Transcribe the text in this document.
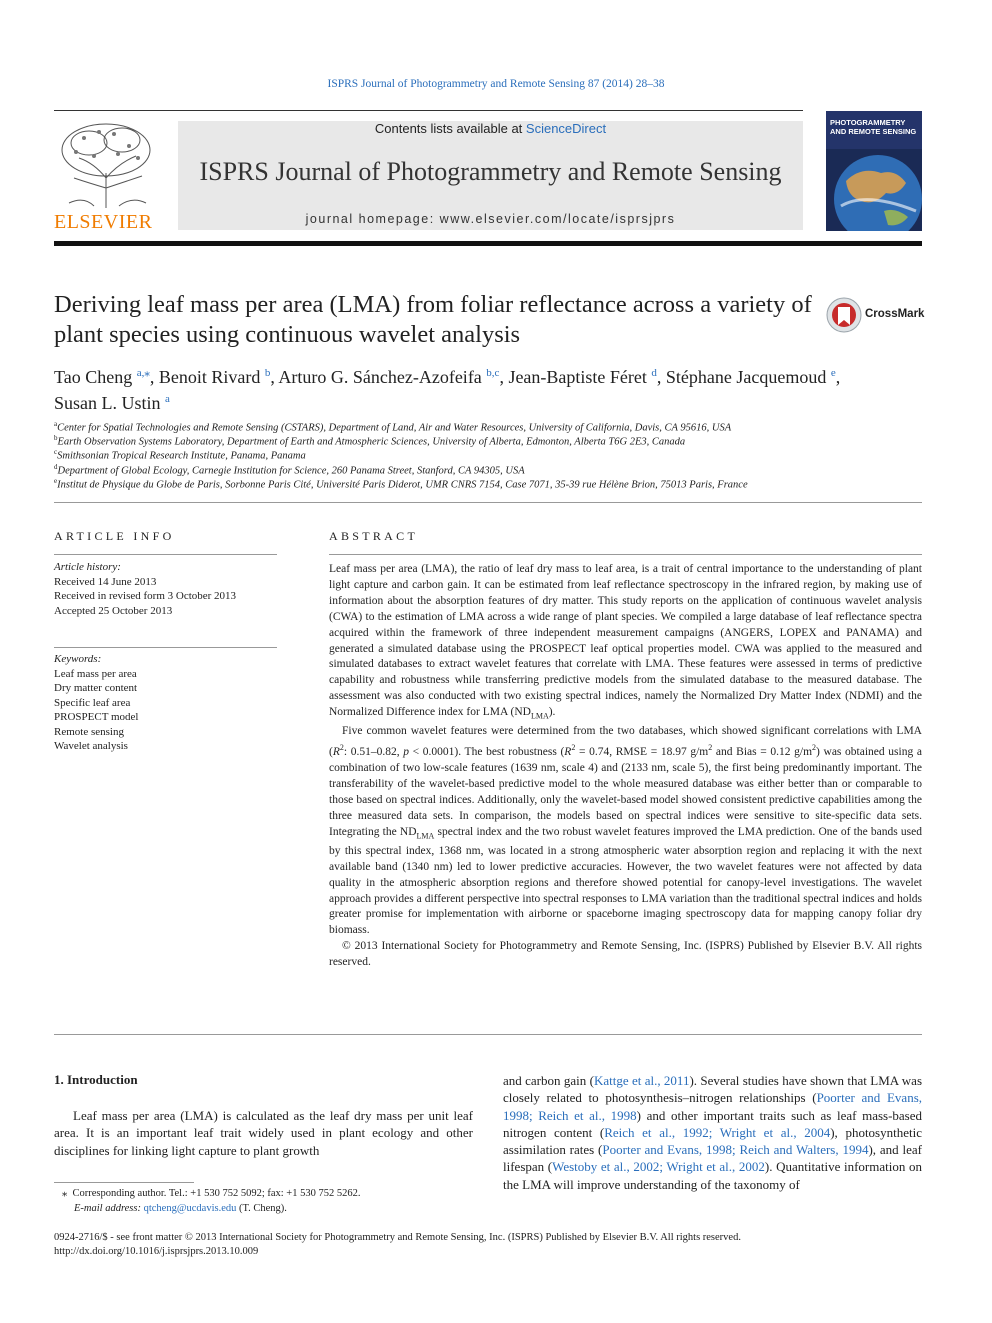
ISPRS Journal of Photogrammetry and Remote Sensing 87 (2014) 28–38
ELSEVIER
Contents lists available at ScienceDirect
ISPRS Journal of Photogrammetry and Remote Sensing
journal homepage: www.elsevier.com/locate/isprsjprs
PHOTOGRAMMETRY AND REMOTE SENSING
Deriving leaf mass per area (LMA) from foliar reflectance across a variety of plant species using continuous wavelet analysis
CrossMark
Tao Cheng $^{a,⁎}$, Benoit Rivard $^b$, Arturo G. Sánchez-Azofeifa $^{b,c}$, Jean-Baptiste Féret $^d$, Stéphane Jacquemoud $^e$,
Susan L. Ustin $^a$
$^a$Center for Spatial Technologies and Remote Sensing (CSTARS), Department of Land, Air and Water Resources, University of California, Davis, CA 95616, USA
$^b$Earth Observation Systems Laboratory, Department of Earth and Atmospheric Sciences, University of Alberta, Edmonton, Alberta T6G 2E3, Canada
$^c$Smithsonian Tropical Research Institute, Panama, Panama
$^d$Department of Global Ecology, Carnegie Institution for Science, 260 Panama Street, Stanford, CA 94305, USA
$^e$Institut de Physique du Globe de Paris, Sorbonne Paris Cité, Université Paris Diderot, UMR CNRS 7154, Case 7071, 35-39 rue Hélène Brion, 75013 Paris, France
ARTICLE INFO
Article history:
Received 14 June 2013
Received in revised form 3 October 2013
Accepted 25 October 2013
Keywords:
Leaf mass per area
Dry matter content
Specific leaf area
PROSPECT model
Remote sensing
Wavelet analysis
ABSTRACT

Leaf mass per area (LMA), the ratio of leaf dry mass to leaf area, is a trait of central importance to the understanding of plant light capture and carbon gain. It can be estimated from leaf reflectance spectroscopy in the infrared region, by making use of information about the absorption features of dry matter. This study reports on the application of continuous wavelet analysis (CWA) to the estimation of LMA across a wide range of plant species. We compiled a large database of leaf reflectance spectra acquired within the framework of three independent measurement campaigns (ANGERS, LOPEX and PANAMA) and generated a simulated database using the PROSPECT leaf optical properties model. CWA was applied to the measured and simulated databases to extract wavelet features that correlate with LMA. These features were assessed in terms of predictive capability and robustness while transferring predictive models from the simulated database to the measured database. The assessment was also conducted with two existing spectral indices, namely the Normalized Dry Matter Index (NDMI) and the Normalized Difference index for LMA $(ND_{LMA})$.

Five common wavelet features were determined from the two databases, which showed significant correlations with LMA ($R^2$: 0.51–0.82, p < 0.0001). The best robustness ($R^2 = 0.74$, RMSE = 18.97 $g/m^2$ and Bias = 0.12 $g/m^2$) was obtained using a combination of two low-scale features (1639 nm, scale 4) and (2133 nm, scale 5), the first being predominantly important. The transferability of the wavelet-based predictive model to the whole measured database was either better than or comparable to those based on spectral indices. Additionally, only the wavelet-based model showed consistent predictive capabilities among the three measured data sets. In comparison, the models based on spectral indices were sensitive to site-specific data sets. Integrating the $ND_{LMA}$ spectral index and the two robust wavelet features improved the LMA prediction. One of the bands used by this spectral index, 1368 nm, was located in a strong atmospheric water absorption region and replacing it with the next available band (1340 nm) led to lower predictive accuracies. However, the two wavelet features were not affected by data quality in the atmospheric absorption regions and therefore showed potential for canopy-level investigations. The wavelet approach provides a different perspective into spectral responses to LMA variation than the traditional spectral indices and holds greater promise for implementation with airborne or spaceborne imaging spectroscopy data for mapping canopy foliar dry biomass.

© 2013 International Society for Photogrammetry and Remote Sensing, Inc. (ISPRS) Published by Elsevier B.V. All rights reserved.

1. Introduction

Leaf mass per area (LMA) is calculated as the leaf dry mass per unit leaf area. It is an important leaf trait widely used in plant ecology and other disciplines for linking light capture to plant growth

and carbon gain (Kattge et al., 2011). Several studies have shown that LMA was closely related to photosynthesis–nitrogen relationships (Poorter and Evans, 1998; Reich et al., 1998) and other important traits such as leaf mass-based nitrogen content (Reich et al., 1992; Wright et al., 2004), photosynthetic assimilation rates (Poorter and Evans, 1998; Reich and Walters, 1994), and leaf lifespan (Westoby et al., 2002; Wright et al., 2002). Quantitative information on the LMA will improve understanding of the taxonomy of

⁎ Corresponding author. Tel.: +1 530 752 5092; fax: +1 530 752 5262.
E-mail address: qtcheng@ucdavis.edu (T. Cheng).
0924-2716/$ - see front matter © 2013 International Society for Photogrammetry and Remote Sensing, Inc. (ISPRS) Published by Elsevier B.V. All rights reserved.
http://dx.doi.org/10.1016/j.isprsjprs.2013.10.009
